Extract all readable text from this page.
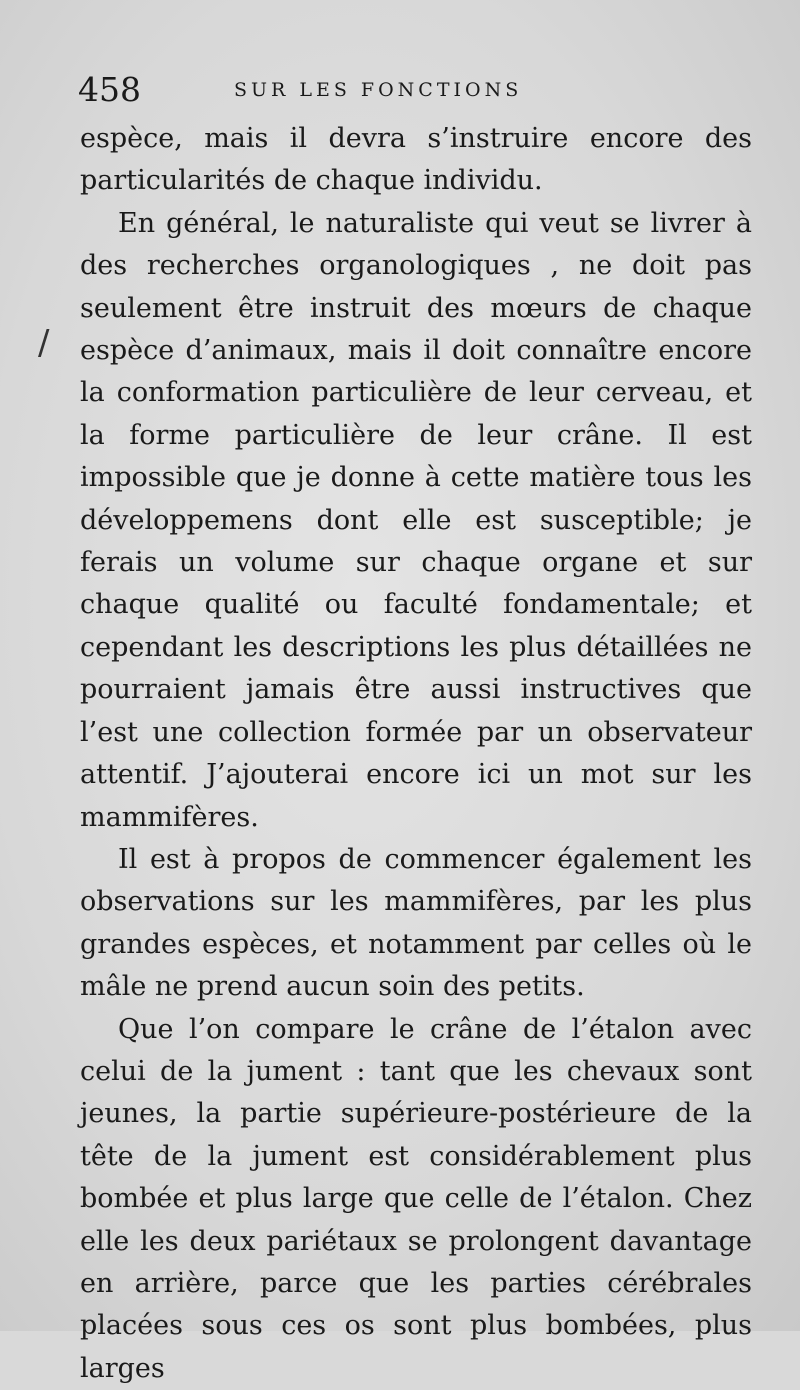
458	SUR LES FONCTIONS
/

espèce, mais il devra s’instruire encore des particularités de chaque individu.

En général, le naturaliste qui veut se livrer à des recherches organologiques , ne doit pas seulement être instruit des mœurs de chaque espèce d’animaux, mais il doit connaître encore la conformation particulière de leur cerveau, et la forme particulière de leur crâne. Il est impossible que je donne à cette matière tous les développemens dont elle est susceptible; je ferais un volume sur chaque organe et sur chaque qualité ou faculté fondamentale; et cependant les descriptions les plus détaillées ne pourraient jamais être aussi instructives que l’est une collection formée par un observateur attentif. J’ajouterai encore ici un mot sur les mammifères.

Il est à propos de commencer également les observations sur les mammifères, par les plus grandes espèces, et notamment par celles où le mâle ne prend aucun soin des petits.

Que l’on compare le crâne de l’étalon avec celui de la jument : tant que les chevaux sont jeunes, la partie supérieure-postérieure de la tête de la jument est considérablement plus bombée et plus large que celle de l’étalon. Chez elle les deux pariétaux se prolongent davantage en arrière, parce que les parties cérébrales placées sous ces os sont plus bombées, plus larges
